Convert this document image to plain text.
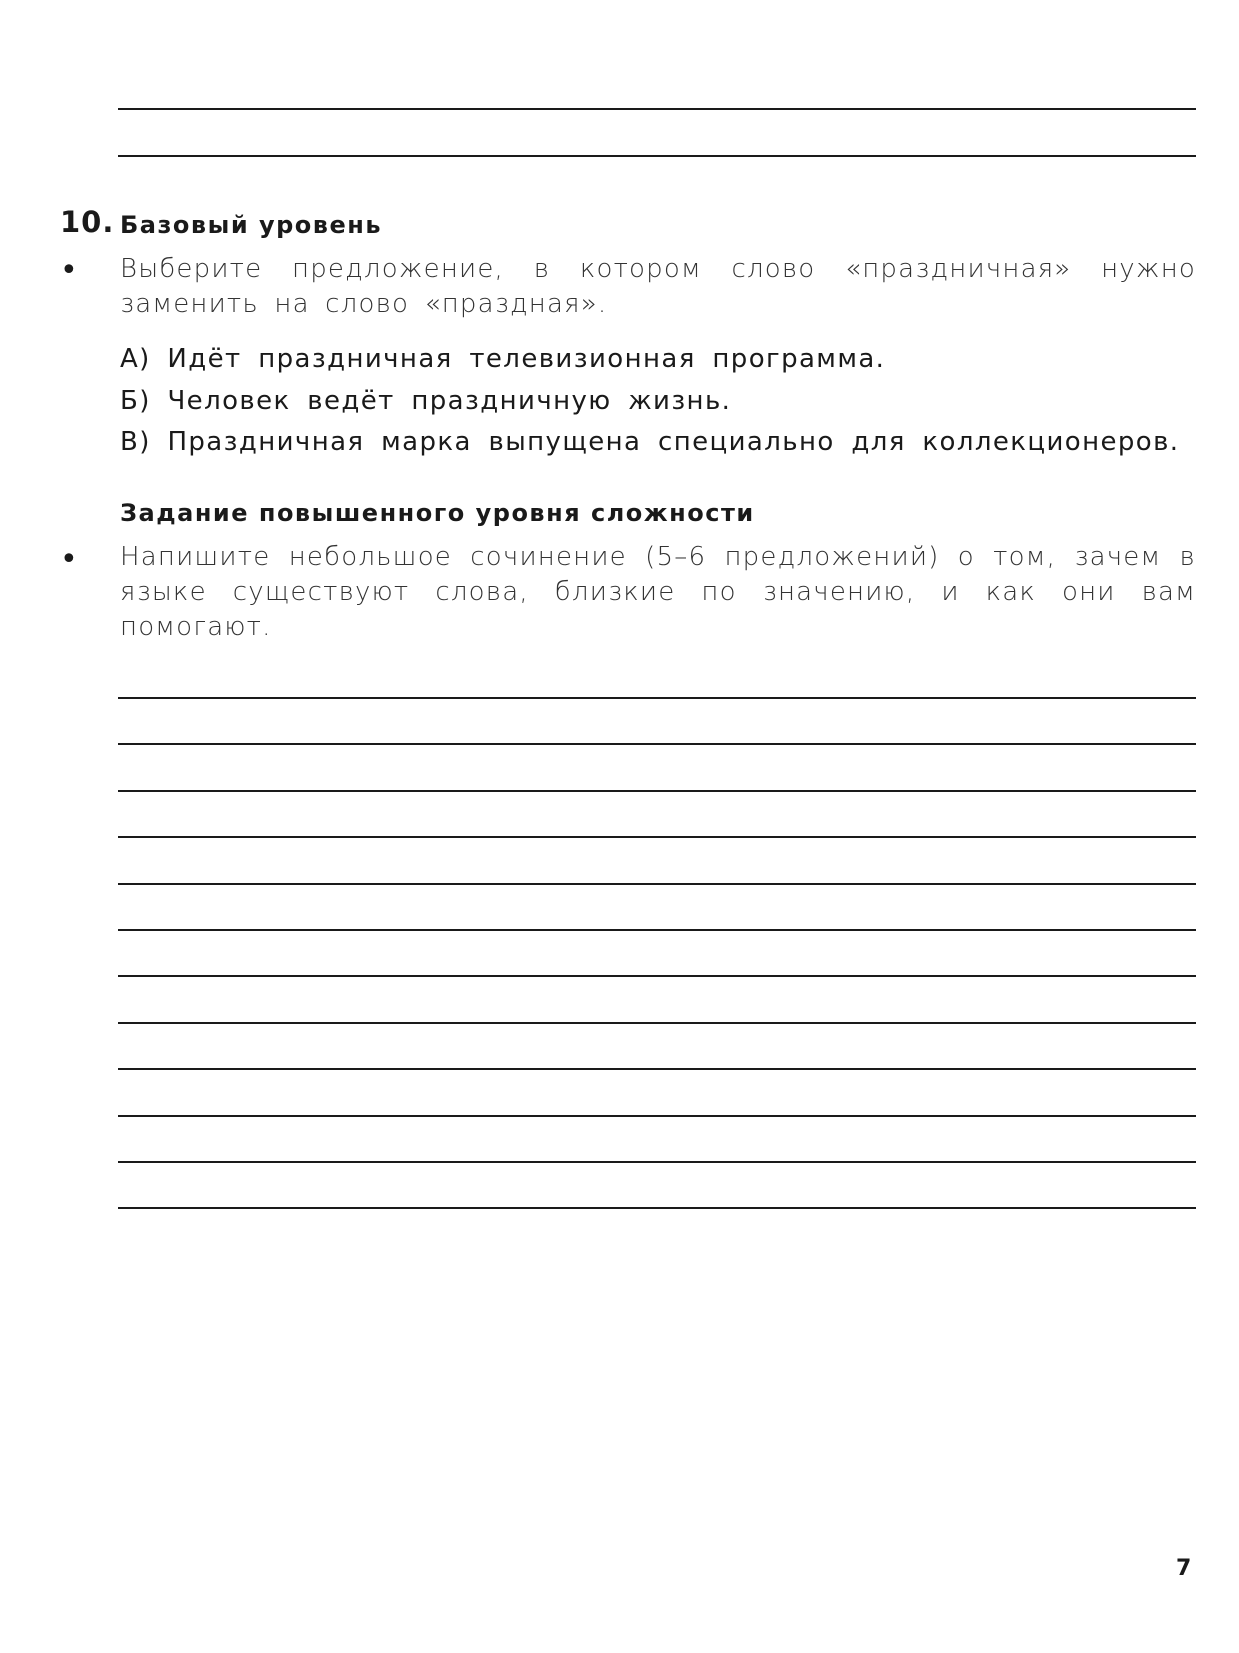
10. Базовый уровень
• Выберите предложение, в котором слово «праздничная» нужно заменить на слово «праздная».
А) Идёт праздничная телевизионная программа.
Б) Человек ведёт праздничную жизнь.
В) Праздничная марка выпущена специально для коллекционеров.
Задание повышенного уровня сложности
• Напишите небольшое сочинение (5–6 предложений) о том, зачем в языке существуют слова, близкие по значению, и как они вам помогают.
7
